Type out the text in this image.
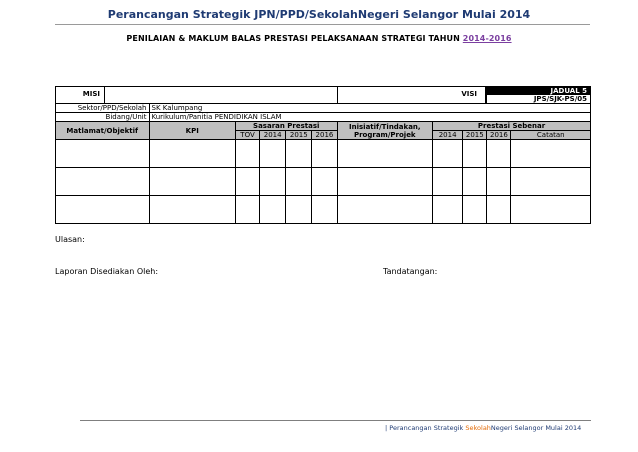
Perancangan Strategik JPN/PPD/SekolahNegeri Selangor Mulai 2014
PENILAIAN & MAKLUM BALAS PRESTASI PELAKSANAAN STRATEGI TAHUN 2014-2016
MISI						VISI			JADUAL 5
JPS/SJK-PS/05	

Sektor/PPD/Sekolah	SK Kalumpang									
Bidang/Unit	Kurikulum/Panitia PENDIDIKAN ISLAM									
Matlamat/Objektif	KPI	Sasaran Prestasi				Inisiatif/Tindakan, Program/Projek	Prestasi Sebenar			
		TOV	2014	2015	2016		2014	2015	2016	Catatan

Ulasan:
Laporan Disediakan Oleh:	Tandatangan:
| Perancangan Strategik SekolahNegeri Selangor Mulai 2014
